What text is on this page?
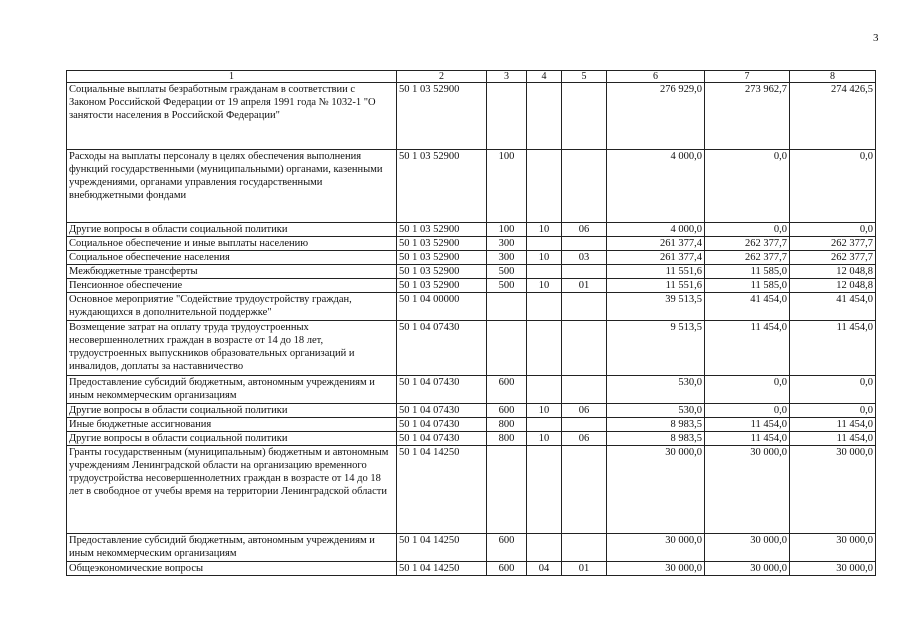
3
1	2	3	4	5	6	7	8
Социальные выплаты безработным гражданам в соответствии с Законом Российской Федерации от 19 апреля 1991 года № 1032-1 "О занятости населения в Российской Федерации"	50 1 03 52900				276 929,0	273 962,7	274 426,5
Расходы на выплаты персоналу в целях обеспечения выполнения функций государственными (муниципальными) органами, казенными учреждениями, органами управления государственными внебюджетными фондами	50 1 03 52900	100			4 000,0	0,0	0,0
Другие вопросы в области социальной политики	50 1 03 52900	100	10	06	4 000,0	0,0	0,0
Социальное обеспечение и иные выплаты населению	50 1 03 52900	300			261 377,4	262 377,7	262 377,7
Социальное обеспечение населения	50 1 03 52900	300	10	03	261 377,4	262 377,7	262 377,7
Межбюджетные трансферты	50 1 03 52900	500			11 551,6	11 585,0	12 048,8
Пенсионное обеспечение	50 1 03 52900	500	10	01	11 551,6	11 585,0	12 048,8
Основное мероприятие "Содействие трудоустройству граждан, нуждающихся в дополнительной поддержке"	50 1 04 00000				39 513,5	41 454,0	41 454,0
Возмещение затрат на оплату труда трудоустроенных несовершеннолетних граждан в возрасте от 14 до 18 лет, трудоустроенных выпускников образовательных организаций и инвалидов, доплаты за наставничество	50 1 04 07430				9 513,5	11 454,0	11 454,0
Предоставление субсидий бюджетным, автономным учреждениям и иным некоммерческим организациям	50 1 04 07430	600			530,0	0,0	0,0
Другие вопросы в области социальной политики	50 1 04 07430	600	10	06	530,0	0,0	0,0
Иные бюджетные ассигнования	50 1 04 07430	800			8 983,5	11 454,0	11 454,0
Другие вопросы в области социальной политики	50 1 04 07430	800	10	06	8 983,5	11 454,0	11 454,0
Гранты государственным (муниципальным) бюджетным и автономным учреждениям Ленинградской области на организацию временного трудоустройства несовершеннолетних граждан в возрасте от 14 до 18 лет в свободное от учебы время на территории Ленинградской области	50 1 04 14250				30 000,0	30 000,0	30 000,0
Предоставление субсидий бюджетным, автономным учреждениям и иным некоммерческим организациям	50 1 04 14250	600			30 000,0	30 000,0	30 000,0
Общеэкономические вопросы	50 1 04 14250	600	04	01	30 000,0	30 000,0	30 000,0
